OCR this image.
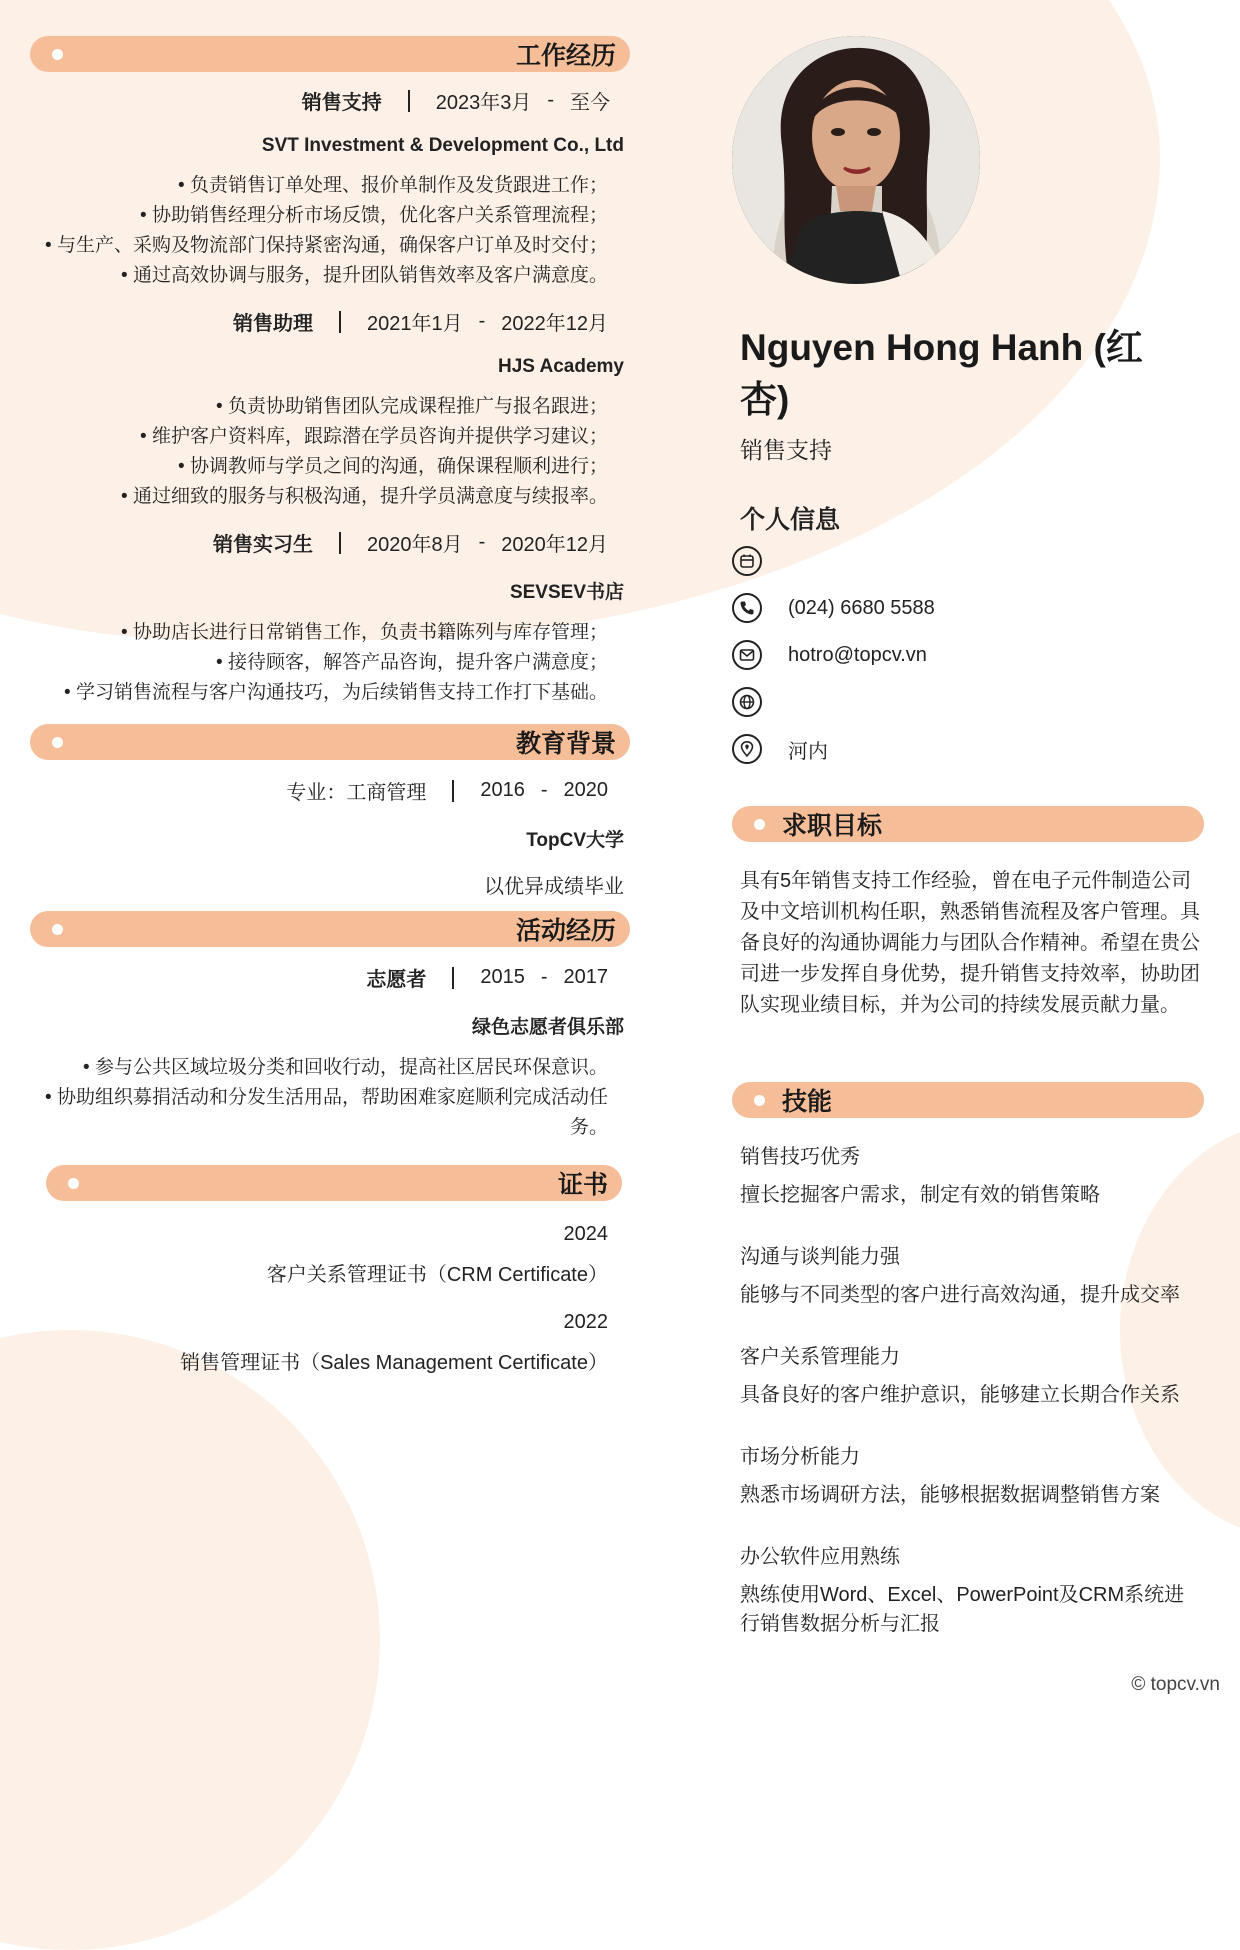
工作经历
销售支持	2023年3月 - 至今
SVT Investment & Development Co., Ltd
• 负责销售订单处理、报价单制作及发货跟进工作；
• 协助销售经理分析市场反馈，优化客户关系管理流程；
• 与生产、采购及物流部门保持紧密沟通，确保客户订单及时交付；
• 通过高效协调与服务，提升团队销售效率及客户满意度。
销售助理	2021年1月 - 2022年12月
HJS Academy
• 负责协助销售团队完成课程推广与报名跟进；
• 维护客户资料库，跟踪潜在学员咨询并提供学习建议；
• 协调教师与学员之间的沟通，确保课程顺利进行；
• 通过细致的服务与积极沟通，提升学员满意度与续报率。
销售实习生	2020年8月 - 2020年12月
SEVSEV书店
• 协助店长进行日常销售工作，负责书籍陈列与库存管理；
• 接待顾客，解答产品咨询，提升客户满意度；
• 学习销售流程与客户沟通技巧，为后续销售支持工作打下基础。
教育背景
专业：工商管理	2016 - 2020
TopCV大学
以优异成绩毕业
活动经历
志愿者	2015 - 2017
绿色志愿者俱乐部
• 参与公共区域垃圾分类和回收行动，提高社区居民环保意识。
• 协助组织募捐活动和分发生活用品，帮助困难家庭顺利完成活动任务。
证书
2024
客户关系管理证书（CRM Certificate）
2022
销售管理证书（Sales Management Certificate）
Nguyen Hong Hanh (红杏)
销售支持
个人信息
(024) 6680 5588
hotro@topcv.vn
河内
求职目标
具有5年销售支持工作经验，曾在电子元件制造公司及中文培训机构任职，熟悉销售流程及客户管理。具备良好的沟通协调能力与团队合作精神。希望在贵公司进一步发挥自身优势，提升销售支持效率，协助团队实现业绩目标，并为公司的持续发展贡献力量。
技能
销售技巧优秀
擅长挖掘客户需求，制定有效的销售策略
沟通与谈判能力强
能够与不同类型的客户进行高效沟通，提升成交率
客户关系管理能力
具备良好的客户维护意识，能够建立长期合作关系
市场分析能力
熟悉市场调研方法，能够根据数据调整销售方案
办公软件应用熟练
熟练使用Word、Excel、PowerPoint及CRM系统进行销售数据分析与汇报
© topcv.vn
